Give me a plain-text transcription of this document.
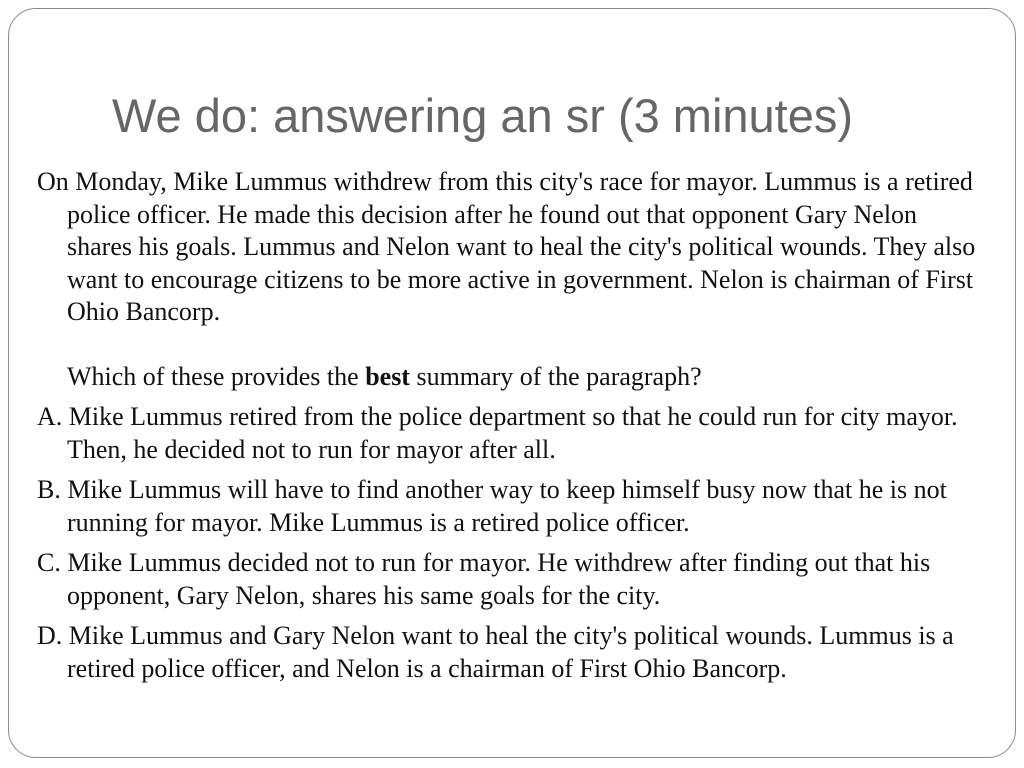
We do: answering an sr (3 minutes)

On Monday, Mike Lummus withdrew from this city's race for mayor. Lummus is a retired police officer. He made this decision after he found out that opponent Gary Nelon shares his goals. Lummus and Nelon want to heal the city's political wounds. They also want to encourage citizens to be more active in government. Nelon is chairman of First Ohio Bancorp.

Which of these provides the best summary of the paragraph?

A. Mike Lummus retired from the police department so that he could run for city mayor. Then, he decided not to run for mayor after all.

B. Mike Lummus will have to find another way to keep himself busy now that he is not running for mayor. Mike Lummus is a retired police officer.

C. Mike Lummus decided not to run for mayor. He withdrew after finding out that his opponent, Gary Nelon, shares his same goals for the city.

D. Mike Lummus and Gary Nelon want to heal the city's political wounds. Lummus is a retired police officer, and Nelon is a chairman of First Ohio Bancorp.
